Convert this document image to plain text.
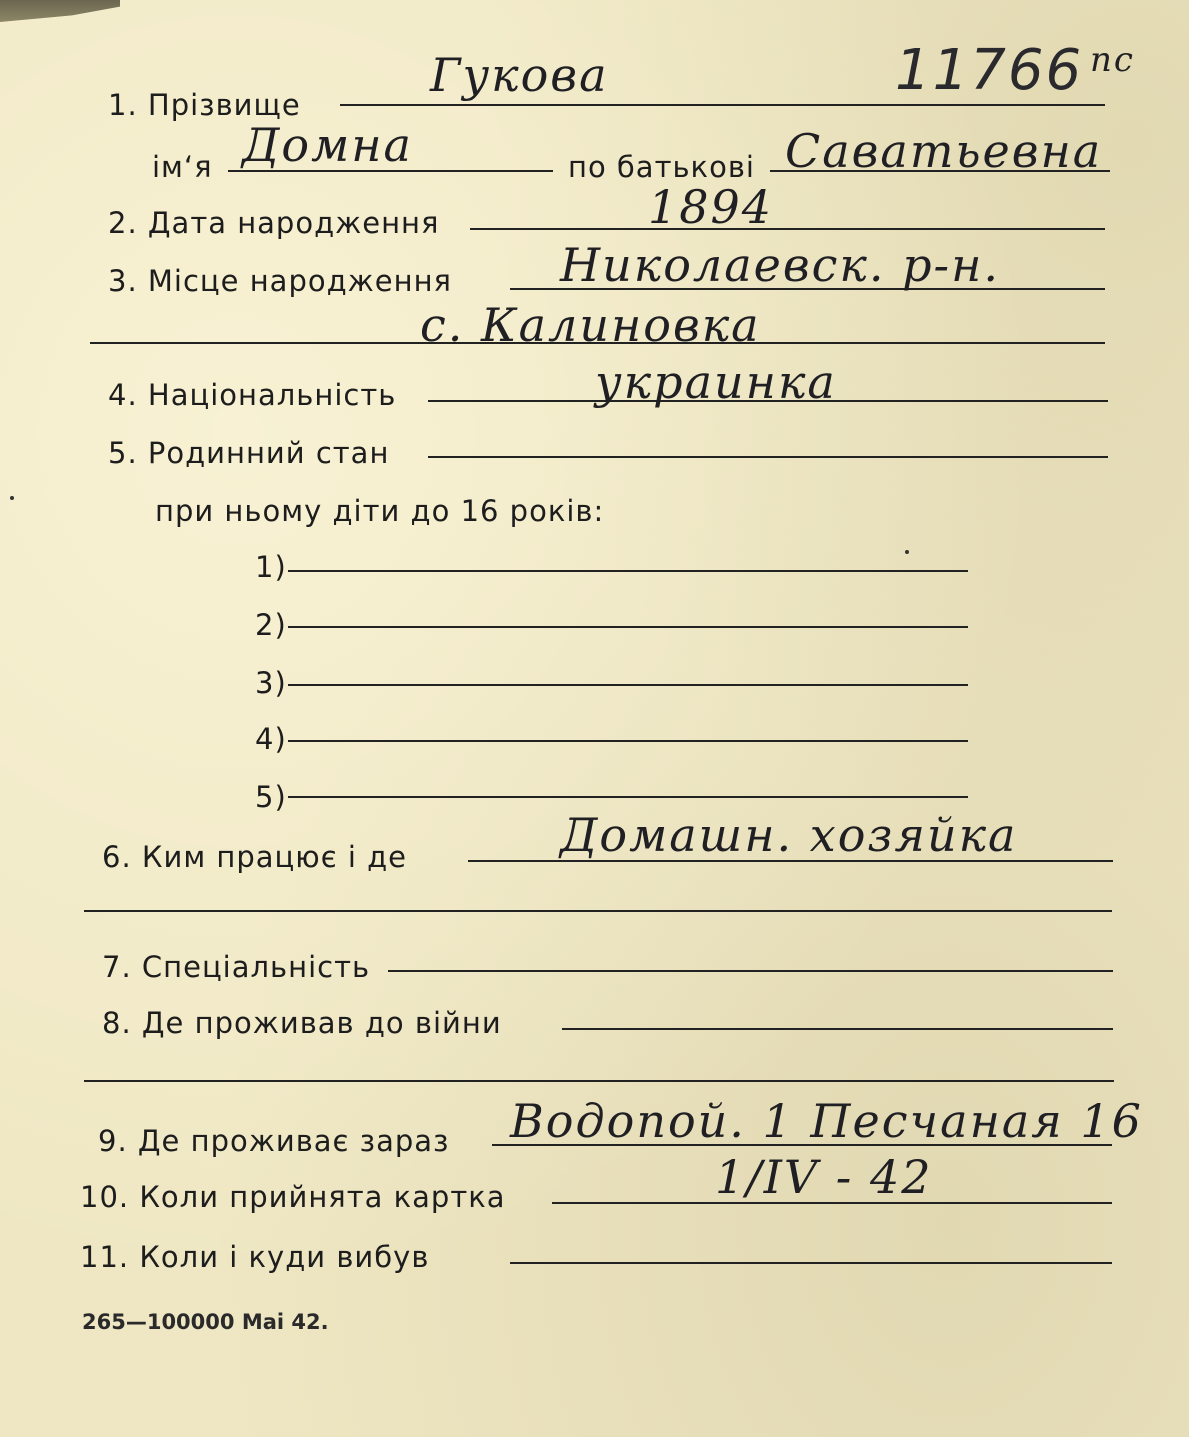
11766 пс
1. Прізвище
Гукова
ім‘я Домна	по батькові Саватьевна
2. Дата народження	1894
3. Місце народження Николаевск. р-н.
с. Калиновка
4. Національність	украинка
5. Родинний стан
при ньому діти до 16 років:
1)
2)
3)
4)
5)
6. Ким працює і де	Домашн. хозяйка
7. Спеціальність
8. Де проживав до війни
9. Де проживає зараз Водопой. 1 Песчаная 16
10. Коли прийнята картка	1/IV - 42
11. Коли і куди вибув
265—100000 Маі 42.
